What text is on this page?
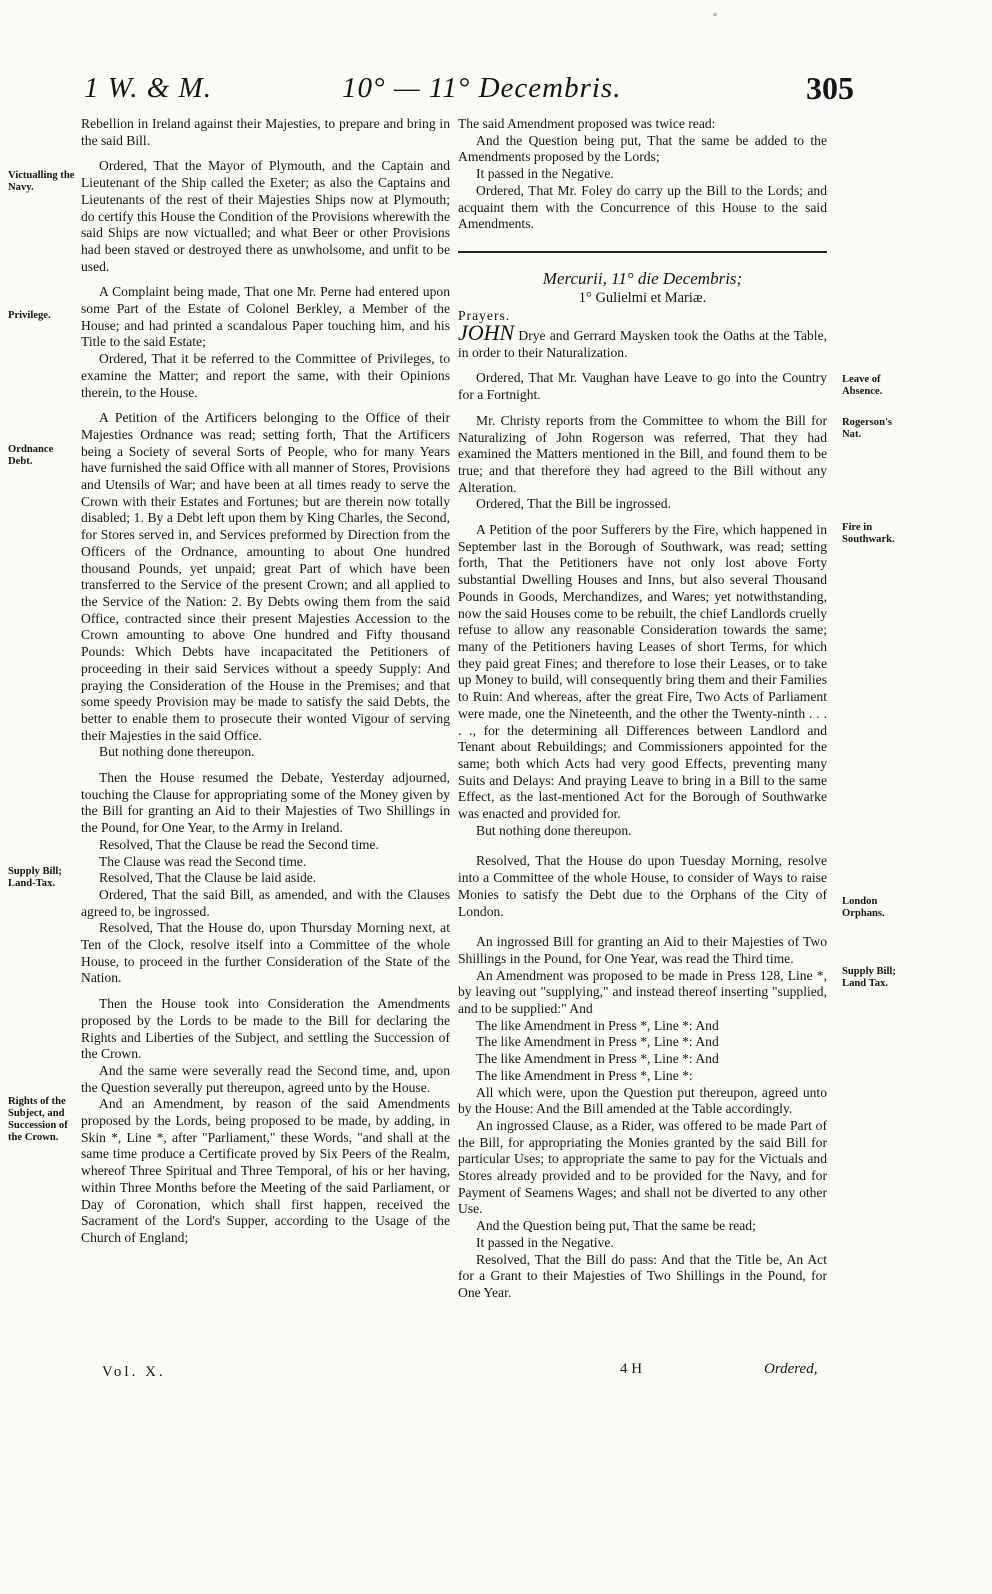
°
1 W. & M.	10° — 11° Decembris.	305
Victualling the Navy.
Privilege.
Ordnance Debt.
Supply Bill; Land-Tax.
Rights of the Subject, and Succession of the Crown.
Leave of Absence.
Rogerson's Nat.
Fire in Southwark.
London Orphans.
Supply Bill; Land Tax.

Rebellion in Ireland against their Majesties, to prepare and bring in the said Bill.

Ordered, That the Mayor of Plymouth, and the Captain and Lieutenant of the Ship called the Exeter; as also the Captains and Lieutenants of the rest of their Majesties Ships now at Plymouth; do certify this House the Condition of the Provisions wherewith the said Ships are now victualled; and what Beer or other Provisions had been staved or destroyed there as unwholsome, and unfit to be used.

A Complaint being made, That one Mr. Perne had entered upon some Part of the Estate of Colonel Berkley, a Member of the House; and had printed a scandalous Paper touching him, and his Title to the said Estate;

Ordered, That it be referred to the Committee of Privileges, to examine the Matter; and report the same, with their Opinions therein, to the House.

A Petition of the Artificers belonging to the Office of their Majesties Ordnance was read; setting forth, That the Artificers being a Society of several Sorts of People, who for many Years have furnished the said Office with all manner of Stores, Provisions and Utensils of War; and have been at all times ready to serve the Crown with their Estates and Fortunes; but are therein now totally disabled; 1. By a Debt left upon them by King Charles, the Second, for Stores served in, and Services preformed by Direction from the Officers of the Ordnance, amounting to about One hundred thousand Pounds, yet unpaid; great Part of which have been transferred to the Service of the present Crown; and all applied to the Service of the Nation: 2. By Debts owing them from the said Office, contracted since their present Majesties Accession to the Crown amounting to above One hundred and Fifty thousand Pounds: Which Debts have incapacitated the Petitioners of proceeding in their said Services without a speedy Supply: And praying the Consideration of the House in the Premises; and that some speedy Provision may be made to satisfy the said Debts, the better to enable them to prosecute their wonted Vigour of serving their Majesties in the said Office.

But nothing done thereupon.

Then the House resumed the Debate, Yesterday adjourned, touching the Clause for appropriating some of the Money given by the Bill for granting an Aid to their Majesties of Two Shillings in the Pound, for One Year, to the Army in Ireland.

Resolved, That the Clause be read the Second time.

The Clause was read the Second time.

Resolved, That the Clause be laid aside.

Ordered, That the said Bill, as amended, and with the Clauses agreed to, be ingrossed.

Resolved, That the House do, upon Thursday Morning next, at Ten of the Clock, resolve itself into a Committee of the whole House, to proceed in the further Consideration of the State of the Nation.

Then the House took into Consideration the Amendments proposed by the Lords to be made to the Bill for declaring the Rights and Liberties of the Subject, and settling the Succession of the Crown.

And the same were severally read the Second time, and, upon the Question severally put thereupon, agreed unto by the House.

And an Amendment, by reason of the said Amendments proposed by the Lords, being proposed to be made, by adding, in Skin *, Line *, after "Parliament," these Words, "and shall at the same time produce a Certificate proved by Six Peers of the Realm, whereof Three Spiritual and Three Temporal, of his or her having, within Three Months before the Meeting of the said Parliament, or Day of Coronation, which shall first happen, received the Sacrament of the Lord's Supper, according to the Usage of the Church of England;

The said Amendment proposed was twice read:

And the Question being put, That the same be added to the Amendments proposed by the Lords;

It passed in the Negative.

Ordered, That Mr. Foley do carry up the Bill to the Lords; and acquaint them with the Concurrence of this House to the said Amendments.

Mercurii, 11° die Decembris;

1° Gulielmi et Mariæ.

Prayers.

JOHN Drye and Gerrard Maysken took the Oaths at the Table, in order to their Naturalization.

Ordered, That Mr. Vaughan have Leave to go into the Country for a Fortnight.

Mr. Christy reports from the Committee to whom the Bill for Naturalizing of John Rogerson was referred, That they had examined the Matters mentioned in the Bill, and found them to be true; and that therefore they had agreed to the Bill without any Alteration.

Ordered, That the Bill be ingrossed.

A Petition of the poor Sufferers by the Fire, which happened in September last in the Borough of Southwark, was read; setting forth, That the Petitioners have not only lost above Forty substantial Dwelling Houses and Inns, but also several Thousand Pounds in Goods, Merchandizes, and Wares; yet notwithstanding, now the said Houses come to be rebuilt, the chief Landlords cruelly refuse to allow any reasonable Consideration towards the same; many of the Petitioners having Leases of short Terms, for which they paid great Fines; and therefore to lose their Leases, or to take up Money to build, will consequently bring them and their Families to Ruin: And whereas, after the great Fire, Two Acts of Parliament were made, one the Nineteenth, and the other the Twenty-ninth . . . . ., for the determining all Differences between Landlord and Tenant about Rebuildings; and Commissioners appointed for the same; both which Acts had very good Effects, preventing many Suits and Delays: And praying Leave to bring in a Bill to the same Effect, as the last-mentioned Act for the Borough of Southwarke was enacted and provided for.

But nothing done thereupon.

Resolved, That the House do upon Tuesday Morning, resolve into a Committee of the whole House, to consider of Ways to raise Monies to satisfy the Debt due to the Orphans of the City of London.

An ingrossed Bill for granting an Aid to their Majesties of Two Shillings in the Pound, for One Year, was read the Third time.

An Amendment was proposed to be made in Press 128, Line *, by leaving out "supplying," and instead thereof inserting "supplied, and to be supplied:" And

The like Amendment in Press *, Line *: And

The like Amendment in Press *, Line *: And

The like Amendment in Press *, Line *: And

The like Amendment in Press *, Line *:

All which were, upon the Question put thereupon, agreed unto by the House: And the Bill amended at the Table accordingly.

An ingrossed Clause, as a Rider, was offered to be made Part of the Bill, for appropriating the Monies granted by the said Bill for particular Uses; to appropriate the same to pay for the Victuals and Stores already provided and to be provided for the Navy, and for Payment of Seamens Wages; and shall not be diverted to any other Use.

And the Question being put, That the same be read;

It passed in the Negative.

Resolved, That the Bill do pass: And that the Title be, An Act for a Grant to their Majesties of Two Shillings in the Pound, for One Year.

Vol. X.	4 H	Ordered,
